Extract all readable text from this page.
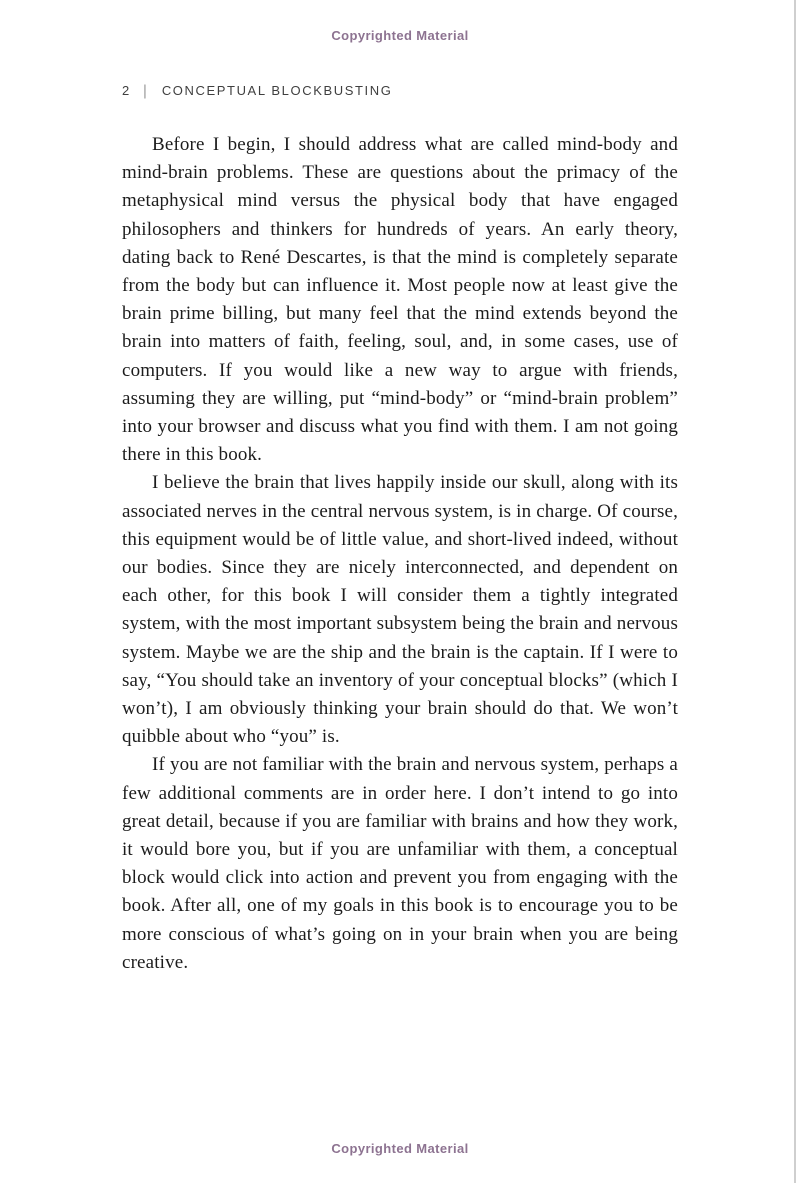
Copyrighted Material
2 | CONCEPTUAL BLOCKBUSTING

Before I begin, I should address what are called mind-body and mind-brain problems. These are questions about the primacy of the metaphysical mind versus the physical body that have engaged philosophers and thinkers for hundreds of years. An early theory, dating back to René Descartes, is that the mind is completely separate from the body but can influence it. Most people now at least give the brain prime billing, but many feel that the mind extends beyond the brain into matters of faith, feeling, soul, and, in some cases, use of computers. If you would like a new way to argue with friends, assuming they are willing, put “mind-body” or “mind-brain problem” into your browser and discuss what you find with them. I am not going there in this book.

I believe the brain that lives happily inside our skull, along with its associated nerves in the central nervous system, is in charge. Of course, this equipment would be of little value, and short-lived indeed, without our bodies. Since they are nicely interconnected, and dependent on each other, for this book I will consider them a tightly integrated system, with the most important subsystem being the brain and nervous system. Maybe we are the ship and the brain is the captain. If I were to say, “You should take an inventory of your conceptual blocks” (which I won’t), I am obviously thinking your brain should do that. We won’t quibble about who “you” is.

If you are not familiar with the brain and nervous system, perhaps a few additional comments are in order here. I don’t intend to go into great detail, because if you are familiar with brains and how they work, it would bore you, but if you are unfamiliar with them, a conceptual block would click into action and prevent you from engaging with the book. After all, one of my goals in this book is to encourage you to be more conscious of what’s going on in your brain when you are being creative.

Copyrighted Material
